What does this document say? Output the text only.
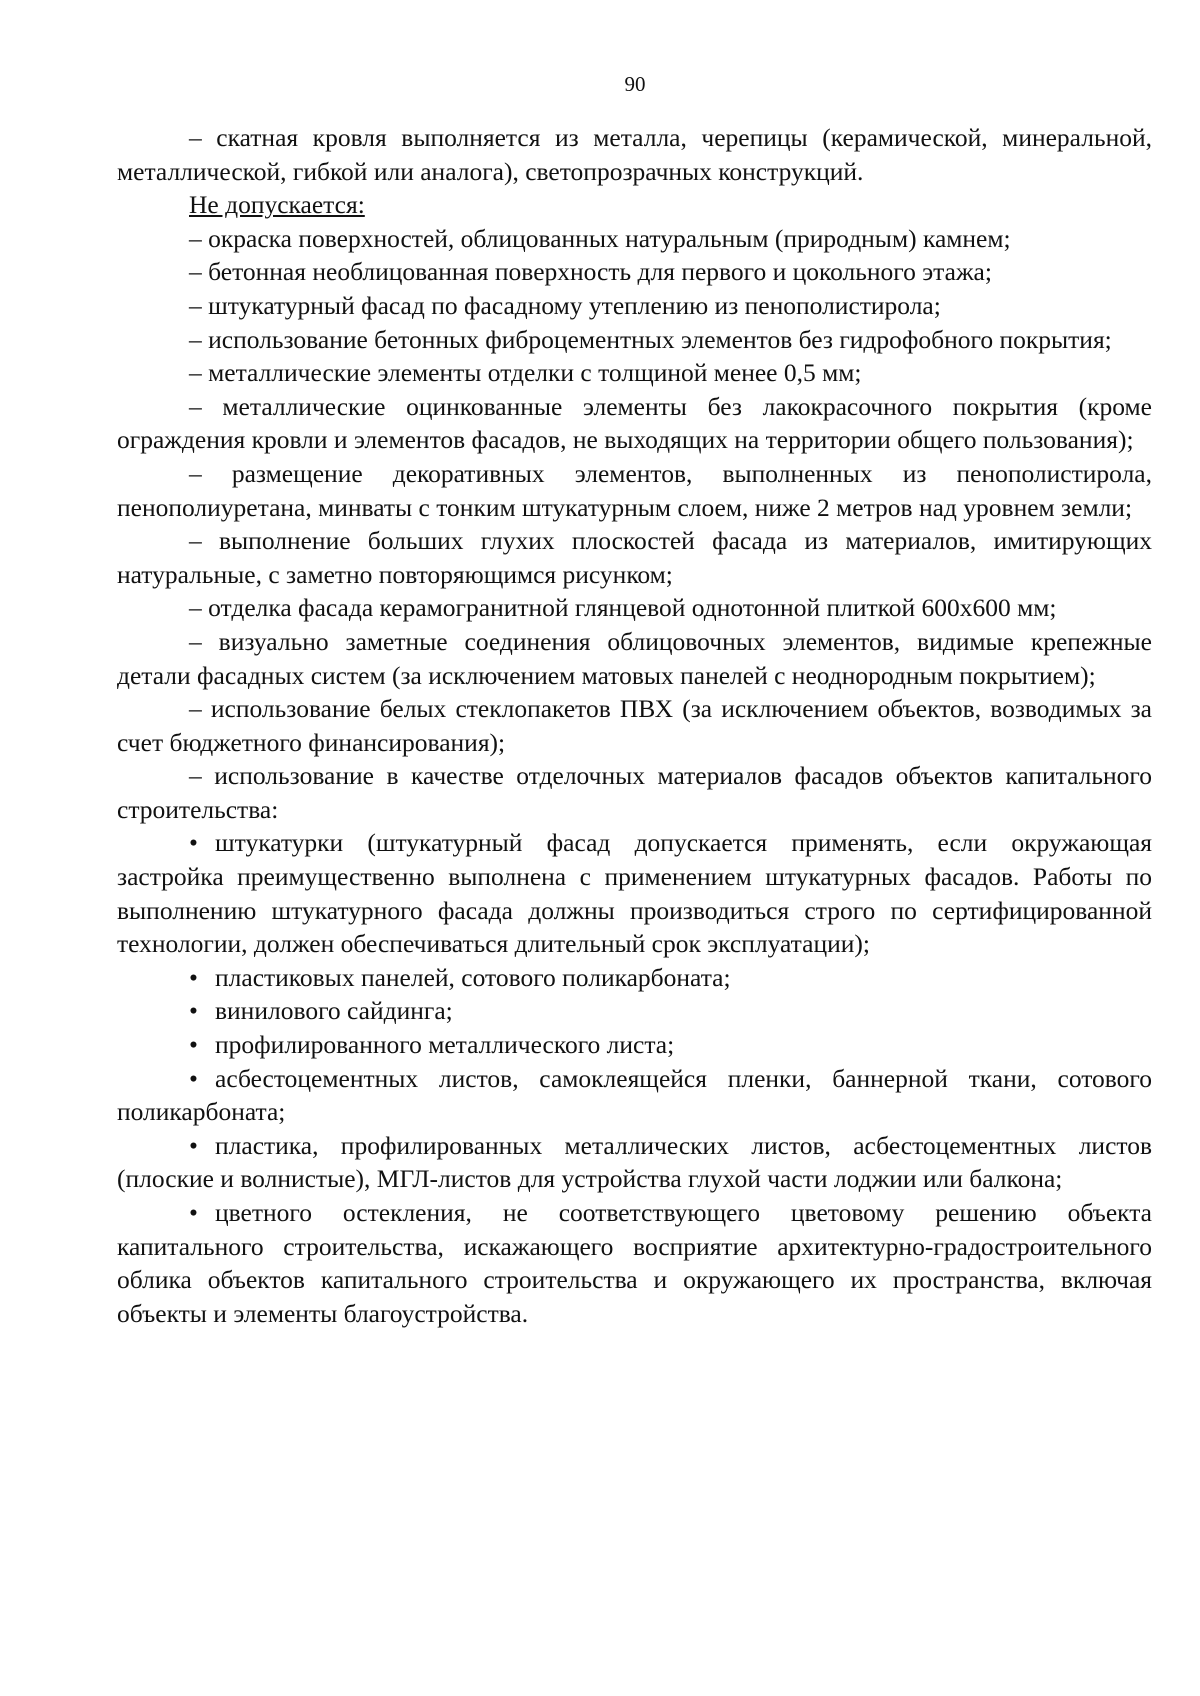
90

– скатная кровля выполняется из металла, черепицы (керамической, минеральной, металлической, гибкой или аналога), светопрозрачных конструкций.

Не допускается:

– окраска поверхностей, облицованных натуральным (природным) камнем;

– бетонная необлицованная поверхность для первого и цокольного этажа;

– штукатурный фасад по фасадному утеплению из пенополистирола;

– использование бетонных фиброцементных элементов без гидрофобного покрытия;

– металлические элементы отделки с толщиной менее 0,5 мм;

– металлические оцинкованные элементы без лакокрасочного покрытия (кроме ограждения кровли и элементов фасадов, не выходящих на территории общего пользования);

– размещение декоративных элементов, выполненных из пенополистирола, пенополиуретана, минваты с тонким штукатурным слоем, ниже 2 метров над уровнем земли;

– выполнение больших глухих плоскостей фасада из материалов, имитирующих натуральные, с заметно повторяющимся рисунком;

– отделка фасада керамогранитной глянцевой однотонной плиткой 600х600 мм;

– визуально заметные соединения облицовочных элементов, видимые крепежные детали фасадных систем (за исключением матовых панелей с неоднородным покрытием);

– использование белых стеклопакетов ПВХ (за исключением объектов, возводимых за счет бюджетного финансирования);

– использование в качестве отделочных материалов фасадов объектов капитального строительства:

• штукатурки (штукатурный фасад допускается применять, если окружающая застройка преимущественно выполнена с применением штукатурных фасадов. Работы по выполнению штукатурного фасада должны производиться строго по сертифицированной технологии, должен обеспечиваться длительный срок эксплуатации);

• пластиковых панелей, сотового поликарбоната;

• винилового сайдинга;

• профилированного металлического листа;

• асбестоцементных листов, самоклеящейся пленки, баннерной ткани, сотового поликарбоната;

• пластика, профилированных металлических листов, асбестоцементных листов (плоские и волнистые), МГЛ-листов для устройства глухой части лоджии или балкона;

• цветного остекления, не соответствующего цветовому решению объекта капитального строительства, искажающего восприятие архитектурно-градостроительного облика объектов капитального строительства и окружающего их пространства, включая объекты и элементы благоустройства.
